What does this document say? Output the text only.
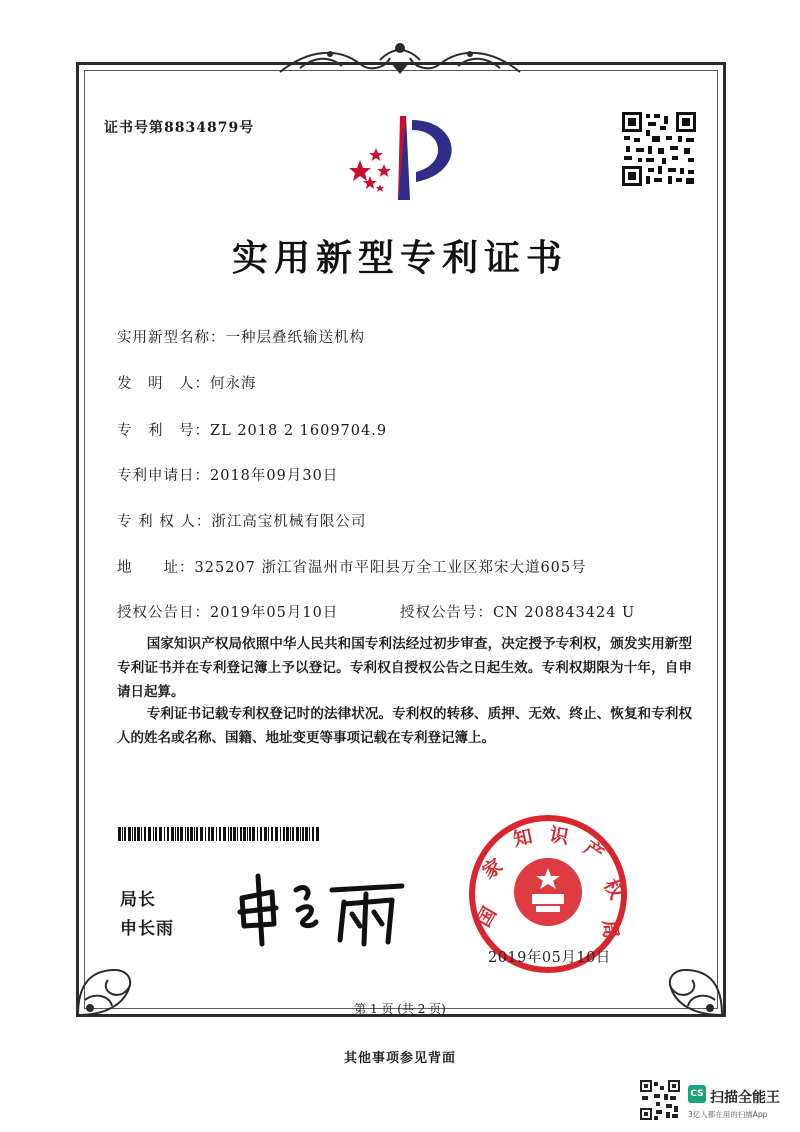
证书号第8834879号
实用新型专利证书
实用新型名称：一种层叠纸输送机构
发　明　人：何永海
专　利　号：ZL 2018 2 1609704.9
专利申请日：2018年09月30日
专 利 权 人：浙江高宝机械有限公司
地　　址：325207 浙江省温州市平阳县万全工业区郑宋大道605号
授权公告日：2019年05月10日	授权公告号：CN 208843424 U
国家知识产权局依照中华人民共和国专利法经过初步审查，决定授予专利权，颁发实用新型专利证书并在专利登记簿上予以登记。专利权自授权公告之日起生效。专利权期限为十年，自申请日起算。
专利证书记载专利权登记时的法律状况。专利权的转移、质押、无效、终止、恢复和专利权人的姓名或名称、国籍、地址变更等事项记载在专利登记簿上。
局长
申长雨	国
家
知 识
产
权
局
2019年05月10日
第 1 页 (共 2 页)
其他事项参见背面
CS 扫描全能王
3亿人都在用的扫描App
